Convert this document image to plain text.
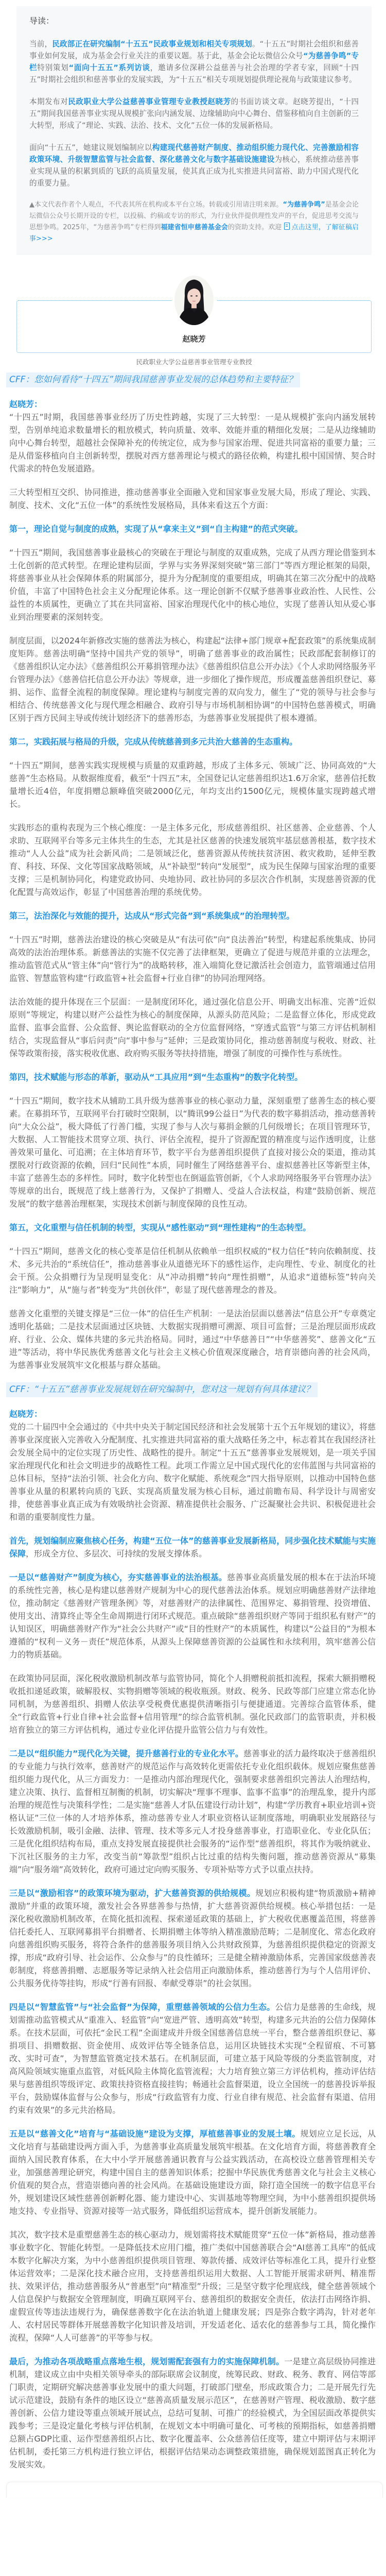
导读：

当前，民政部正在研究编制“十五五”民政事业规划和相关专项规划。“十五五”时期社会组织和慈善事业如何发展，成为基金会行业关注的重要议题。基于此，基金会论坛微信公众号“为慈善争鸣”专栏特别策划“面向十五五”系列访谈，邀请多位深耕公益慈善与社会治理的学者专家，回顾“十四五”时期社会组织和慈善事业的发展实践，为“十五五”相关专项规划提供理论视角与政策建议参考。

本期发布对民政职业大学公益慈善事业管理专业教授赵晓芳的书面访谈文章。赵晓芳提出，“十四五”期间我国慈善事业实现从规模扩张向内涵发展、边缘辅助向中心舞台、借鉴移植向自主创新的三大转型，形成了“理论、实践、法治、技术、文化”五位一体的发展新格局。

面向“十五五”，她建议规划编制应以构建现代慈善财产制度、推动组织能力现代化、完善激励相容政策环境、升级智慧监管与社会监督、深化慈善文化与数字基础设施建设为核心，系统推动慈善事业实现从量的积累到质的飞跃的高质量发展，使其真正成为扎实推进共同富裕、助力中国式现代化的重要力量。

▲本文代表作者个人观点，不代表其所在机构或本平台立场。转载或引用请注明来源。“为慈善争鸣”是基金会论坛微信公众号长期开设的专栏，以投稿、约稿或专访的形式，为行业伙伴提供理性发声的平台，促进思考交流与思想争鸣。2025年，“为慈善争鸣”专栏得到福建省恒申慈善基金会的资助支持。欢迎 点击这里，了解征稿启事>>>

赵晓芳
民政职业大学公益慈善事业管理专业教授
CFF：您如何看待“十四五”期间我国慈善事业发展的总体趋势和主要特征？
赵晓芳：
“十四五”时期，我国慈善事业经历了历史性跨越，实现了三大转型：一是从规模扩张向内涵发展转型，告别单纯追求数量增长的粗放模式，转向质量、效率、效能并重的精细化发展；二是从边缘辅助向中心舞台转型，超越社会保障补充的传统定位，成为参与国家治理、促进共同富裕的重要力量；三是从借鉴移植向自主创新转型，摆脱对西方慈善理论与模式的路径依赖，构建扎根中国国情、契合时代需求的特色发展道路。
三大转型相互交织、协同推进，推动慈善事业全面融入党和国家事业发展大局，形成了理论、实践、制度、技术、文化“五位一体”的系统性发展格局，具体来看这五个方面：
第一，理论自觉与制度的成熟，实现了从“拿来主义”到“自主构建”的范式突破。
“十四五”期间，我国慈善事业最核心的突破在于理论与制度的双重成熟，完成了从西方理论借鉴到本土化创新的范式转型。在理论建构层面，学界与实务界深刻突破“第三部门”等西方理论框架的局限，将慈善事业从社会保障体系的附属部分，提升为分配制度的重要组成，明确其在第三次分配中的战略价值，丰富了中国特色社会主义分配理论体系。这一理论创新不仅赋予慈善事业政治性、人民性、公益性的本质属性，更确立了其在共同富裕、国家治理现代化中的核心地位，实现了慈善认知从爱心事业到治理要素的深刻转变。
制度层面，以2024年新修改实施的慈善法为核心，构建起“法律+部门规章+配套政策”的系统集成制度矩阵。慈善法明确“坚持中国共产党的领导”，明确了慈善事业的政治属性；民政部配套制修订的《慈善组织认定办法》《慈善组织公开募捐管理办法》《慈善组织信息公开办法》《个人求助网络服务平台管理办法》《慈善信托信息公开办法》等规章，进一步细化了操作规范，形成覆盖慈善组织登记、募捐、运作、监督全流程的制度保障。理论建构与制度完善的双向发力，催生了“党的领导与社会参与相结合、传统慈善文化与现代理念相融合、政府引导与市场机制相协调”的中国特色慈善模式，明确区别于西方民间主导或传统计划经济下的慈善形态，为慈善事业发展提供了根本遵循。
第二，实践拓展与格局的升级，完成从传统慈善到多元共治大慈善的生态重构。
“十四五”期间，慈善实践实现规模与质量的双重跨越，形成了主体多元、领域广泛、协同高效的“大慈善”生态格局。从数据维度看，截至“十四五”末，全国登记认定慈善组织达1.6万余家，慈善信托数量增长近4倍，年度捐赠总额峰值突破2000亿元，年均支出约1500亿元，规模体量实现跨越式增长。
实践形态的重构表现为三个核心维度：一是主体多元化，形成慈善组织、社区慈善、企业慈善、个人求助、互联网平台等多元主体共生的生态，尤其是社区慈善的快速发展筑牢基层慈善根基，数字技术推动“人人公益”成为社会新风尚；二是领域泛化，慈善资源从传统扶贫济困、救灾救助，延伸至教育、科技、环保、文化等国家战略领域，从“补缺型”转向“发展型”，成为民生保障与国家治理的重要支撑；三是机制协同化，构建党政协同、央地协同、政社协同的多层次合作机制，实现慈善资源的优化配置与高效运作，彰显了中国慈善治理的系统优势。
第三，法治深化与效能的提升，达成从“形式完备”到“系统集成”的治理转型。
“十四五”时期，慈善法治建设的核心突破是从“有法可依”向“良法善治”转型，构建起系统集成、协同高效的法治治理体系。新慈善法的实施不仅完善了法律框架，更确立了促进与规范并重的立法理念，推动监管范式从“管主体”向“管行为”的战略转移，准入端简化登记激活社会创造力，监管端通过信用监管、智慧监管构建“行政监管+社会监督+行业自律”的协同治理网络。
法治效能的提升体现在三个层面：一是制度闭环化，通过强化信息公开、明确支出标准、完善“近似原则”等规定，构建以财产公益性为核心的制度保障，从源头防范风险；二是监督立体化，形成党政监督、监事会监督、公众监督、舆论监督联动的全方位监督网络，“穿透式监管”与第三方评估机制相结合，实现监督从“事后问责”向“事中参与”延伸；三是政策协同化，推动慈善制度与税收、财政、社保等政策衔接，落实税收优惠、政府购买服务等扶持措施，增强了制度的可操作性与系统性。
第四，技术赋能与形态的革新，驱动从“工具应用”到“生态重构”的数字化转型。
“十四五”期间，数字技术从辅助工具升级为慈善事业的核心驱动力量，深刻重塑了慈善生态的核心要素。在募捐环节，互联网平台打破时空限制，以“腾讯99公益日”为代表的数字募捐活动，推动慈善转向“大众公益”，极大降低了行善门槛，实现了参与人次与募捐金额的几何级增长；在项目管理环节，大数据、人工智能技术贯穿立项、执行、评估全流程，提升了资源配置的精准度与运作透明度，让慈善效果可量化、可追溯；在主体培育环节，数字平台为慈善组织提供了直接对接公众的渠道，推动其摆脱对行政资源的依赖，回归“民间性”本质，同时催生了网络慈善平台、虚拟慈善社区等新型主体，丰富了慈善生态的多样性。同时，数字化转型也在倒逼监管创新，《个人求助网络服务平台管理办法》等规章的出台，既规范了线上慈善行为，又保护了捐赠人、受益人合法权益，构建“鼓励创新、规范发展”的数字慈善治理框架，实现技术创新与制度保障的良性互动。
第五，文化重塑与信任机制的转型，实现从“感性驱动”到“理性建构”的生态转型。
“十四五”期间，慈善文化的核心变革是信任机制从依赖单一组织权威的“权力信任”转向依赖制度、技术、多元共治的“系统信任”，推动慈善事业从道德光环下的感性运作，走向理性、专业、制度化的社会干预。公众捐赠行为呈现明显变化：从“冲动捐赠”转向“理性捐赠”，从追求“道德标签”转向关注“影响力”，从“施与者”转变为“共创伙伴”，彰显了现代慈善理念的普及。
慈善文化重塑的关键支撑是“三位一体”的信任生产机制：一是法治层面以慈善法“信息公开”专章奠定透明化基础；二是技术层面通过区块链、大数据实现捐赠可溯源、项目可监督；三是治理层面形成政府、行业、公众、媒体共建的多元共治格局。同时，通过“中华慈善日”“中华慈善奖”、慈善文化“五进”等活动，将中华民族优秀慈善文化与社会主义核心价值观深度融合，培育崇德向善的社会风尚，为慈善事业发展筑牢文化根基与群众基础。
CFF：“十五五”慈善事业发展规划在研究编制中，您对这一规划有何具体建议？
赵晓芳：
党的二十届四中全会通过的《中共中央关于制定国民经济和社会发展第十五个五年规划的建议》，将慈善事业深度嵌入完善收入分配制度、扎实推进共同富裕的重大战略任务之中，标志着其在我国经济社会发展全局中的定位实现了历史性、战略性的提升。制定“十五五”慈善事业发展规划，是一项关乎国家治理现代化和社会文明进步的战略性工程。此项工作需立足中国式现代化的宏伟蓝图与共同富裕的总体目标，坚持“法治引领、社会化方向、数字化赋能、系统观念”四大指导原则，以推动中国特色慈善事业从量的积累转向质的飞跃、实现高质量发展为核心目标，通过前瞻布局、科学设计与周密安排，使慈善事业真正成为有效吸纳社会资源、精准提供社会服务、广泛凝聚社会共识、积极促进社会和谐的重要制度性力量。
首先，规划编制应聚焦核心任务，构建“五位一体”的慈善事业发展新格局，同步强化技术赋能与实施保障，形成全方位、多层次、可持续的发展支撑体系。
一是以“慈善财产”制度为核心，夯实慈善事业的法治根基。慈善事业高质量发展的根本在于法治环境的系统性完善，核心是构建以慈善财产规制为中心的现代慈善法治体系。规划应明确慈善财产法律地位，推动制定《慈善财产管理条例》等，对慈善财产的法律属性、范围界定、募捐管理、投资增值、使用支出、清算终止等全生命周期进行闭环式规范。重点破除“慈善组织财产等同于组织私有财产”的认知误区，明确慈善财产作为“社会公共财产”或“目的性财产”的本质属性，构建以“公益目的”为根本遵循的“权利－义务－责任”规范体系，从源头上保障慈善资源的公益属性和永续利用，筑牢慈善公信力的物质基础。
在政策协同层面，深化税收激励机制改革与监管协同，简化个人捐赠税前抵扣流程，探索大额捐赠税收抵扣递延政策，破解股权、实物捐赠等领域的税收瓶颈。财政、税务、民政等部门应建立常态化协同机制，为慈善组织、捐赠人依法享受税费优惠提供清晰指引与便捷通道。完善综合监管体系，健全“行政监管+行业自律+社会监督+信用管理”的综合监管机制。强化民政部门的监管职责，并积极培育独立的第三方评估机构，通过专业化评估提升监管公信力与有效性。
二是以“组织能力”现代化为关键，提升慈善行业的专业化水平。慈善事业的活力最终取决于慈善组织的专业能力与执行效率，慈善财产的规范运作与高效转化更需依托专业化组织载体。规划应聚焦慈善组织能力现代化，从三方面发力：一是推动内部治理现代化，强制要求慈善组织完善法人治理结构，建立决策、执行、监督相互制衡的机制，切实解决“理事不理事、监事不监事”的治理乱象，提升内部治理的规范性与决策科学性；二是实施“慈善人才队伍建设行动计划”，构建“学历教育+职业培训+资格认证”三位一体的人才培养体系，推动慈善专业人才职业资格认证制度落地，明确职业发展路径与长效激励机制，吸引金融、法律、管理、技术等多元人才投身慈善事业，打造职业化、专业化队伍；三是优化组织结构布局，重点支持发展直接提供社会服务的“运作型”慈善组织，将其作为吸纳就业、下沉社区服务的主力军，改变当前“筹款型”组织占比过重的结构失衡问题，推动慈善资源从“募集端”向“服务端”高效转化，政府可通过定向购买服务、专项补贴等方式予以重点扶持。
三是以“激励相容”的政策环境为驱动，扩大慈善资源的供给规模。规划应积极构建“物质激励+精神激励”并重的政策环境，激发社会各界慈善参与热情，扩大慈善资源供给规模。核心举措包括：一是深化税收激励机制改革，在简化抵扣流程、探索递延政策的基础上，扩大税收优惠覆盖范围，将慈善信托委托人、互联网募捐平台捐赠者、长期捐赠主体等纳入精准激励范畴；二是制度化、常态化政府向慈善组织购买服务，将符合条件的慈善服务项目纳入公共财政预算，为慈善组织提供稳定的资源支撑，形成“政府引导、社会运作、公众参与”的良性循环；三是健全精神激励体系，完善国家级慈善表彰制度，将慈善捐赠、志愿服务等记录纳入社会信用正向激励体系，推动慈善行为与个人信用评价、公共服务优待等挂钩，形成“行善有回报、奉献受尊崇”的社会氛围。
四是以“智慧监管”与“社会监督”为保障，重塑慈善领域的公信力生态。公信力是慈善的生命线，规划需推动监管模式从“重准入、轻监管”向“宽进严管、透明高效”转型，构建多元共治的公信力保障体系。在技术层面，可依托“金民工程”全面建成并升级全国慈善信息统一平台，整合慈善组织登记、募捐项目、捐赠数据、资金使用、成效评估等全链条信息，运用区块链技术实现“全程留痕、不可篡改、实时可查”，为智慧监管奠定技术基石。在机制层面，可建立基于风险等级的分类监管制度，对高风险领域实施重点监管，对低风险主体简化监管流程；大力培育独立第三方评估机构，推动评估结果与慈善组织等级评定、政策扶持资格直接挂钩；畅通社会监督渠道，设立全国统一的慈善投诉举报平台，鼓励媒体监督与公众参与，形成“行政监管有力度、行业自律有规范、社会监督有渠道、信用约束有效果”的多元共治格局。
五是以“慈善文化”培育与“基础设施”建设为支撑，厚植慈善事业的发展土壤。规划应立足长远，从文化培育与基础建设两方面入手，为慈善事业高质量发展筑牢根基。在文化培育方面，将慈善教育全面纳入国民教育体系，在大中小学开展慈善通识教育与公益实践活动，在高校设立慈善管理相关专业，加强慈善理论研究，构建中国自主的慈善知识体系；挖掘中华民族优秀慈善文化与社会主义核心价值观的契合点，营造崇德向善的社会风尚。在基础设施建设方面，除打造全国统一的数字信息平台外，规划建设区域性慈善创新孵化器、能力建设中心、实训基地等物理空间，为中小慈善组织提供场地支持、专业指导、资源对接等一站式服务，降低组织运营成本，提升创新发展能力。
其次，数字技术是重塑慈善生态的核心驱动力，规划需将技术赋能贯穿“五位一体”新格局，推动慈善事业数字化、智能化转型。一是降低技术应用门槛，推广类似中国慈善联合会“AI慈善工具库”的低成本数字化解决方案，为中小慈善组织提供项目管理、筹款传播、成效评估等标准化工具，提升行业整体运营效率；二是深化技术融合应用，支持慈善组织运用大数据、人工智能开展需求研判、精准帮扶、效果评估，推动慈善服务从“普惠型”向“精准型”升级；三是坚守数字伦理底线，健全慈善领域个人信息保护与数据安全管理制度，明确互联网平台、慈善组织的数据安全责任，依法打击网络诈捐、虚假宣传等违法违规行为，确保慈善数字化在法治轨道上健康发展；四是弥合数字鸿沟，针对老年人、农村居民等群体开展慈善数字化知识普及培训，开发适老化、适农化的慈善参与工具，简化操作流程，保障“人人可慈善”的平等参与权。
最后，为推动各项战略重点落地生根，规划需配套强有力的实施保障机制。一是建立高层级协同推进机制，建议成立由中央相关领导牵头的部际联席会议制度，统筹民政、财政、税务、教育、网信等部门职责，定期研究解决慈善事业发展中的重大问题，打破部门壁垒，形成政策合力；二是开展先行先试示范建设，鼓励有条件的地区设立“慈善高质量发展示范区”，在慈善财产管理、税收激励、数字慈善创新、公信力建设等重点领域开展试点，总结可复制、可推广的经验模式，为全国层面改革提供实践参考；三是设定量化考核与评估机制，在规划文本中明确可量化、可考核的预期指标，如慈善捐赠总额占GDP比重、运作型慈善组织占比、数字化覆盖率、公众慈善信任度等，建立中期评估与末期评估机制，委托第三方机构进行独立评估，根据评估结果动态调整政策措施，确保规划蓝图真正转化为发展实效。
